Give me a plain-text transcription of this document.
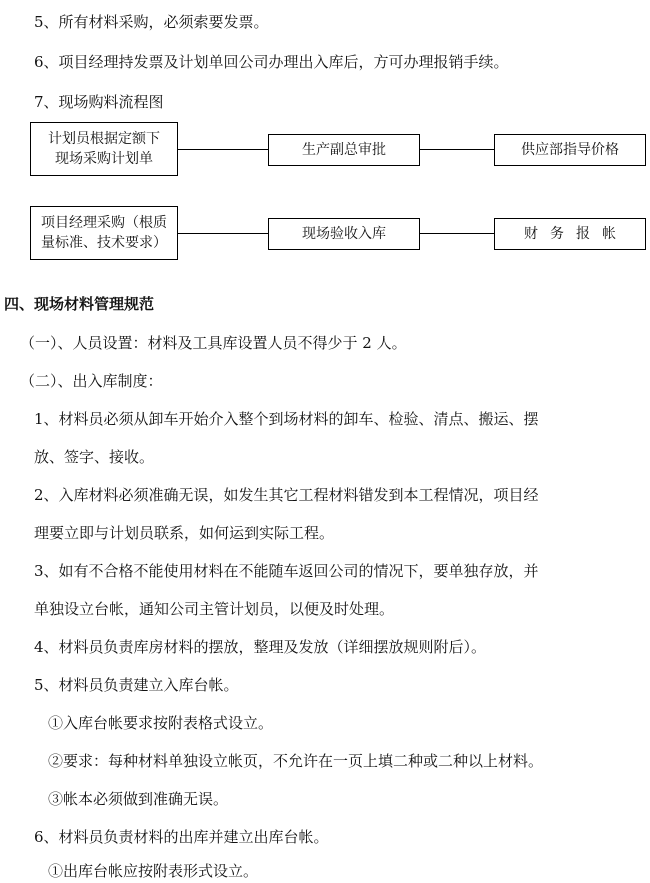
5、所有材料采购，必须索要发票。
6、项目经理持发票及计划单回公司办理出入库后，方可办理报销手续。
7、现场购料流程图
计划员根据定额下现场采购计划单
生产副总审批	供应部指导价格
项目经理采购（根质量标准、技术要求）
现场验收入库	财务报帐
四、现场材料管理规范
（一）、人员设置：材料及工具库设置人员不得少于 2 人。
（二）、出入库制度：
1、材料员必须从卸车开始介入整个到场材料的卸车、检验、清点、搬运、摆
放、签字、接收。
2、入库材料必须准确无误，如发生其它工程材料错发到本工程情况，项目经
理要立即与计划员联系，如何运到实际工程。
3、如有不合格不能使用材料在不能随车返回公司的情况下，要单独存放，并
单独设立台帐，通知公司主管计划员，以便及时处理。
4、材料员负责库房材料的摆放，整理及发放（详细摆放规则附后）。
5、材料员负责建立入库台帐。
①入库台帐要求按附表格式设立。
②要求：每种材料单独设立帐页，不允许在一页上填二种或二种以上材料。
③帐本必须做到准确无误。
6、材料员负责材料的出库并建立出库台帐。
①出库台帐应按附表形式设立。
